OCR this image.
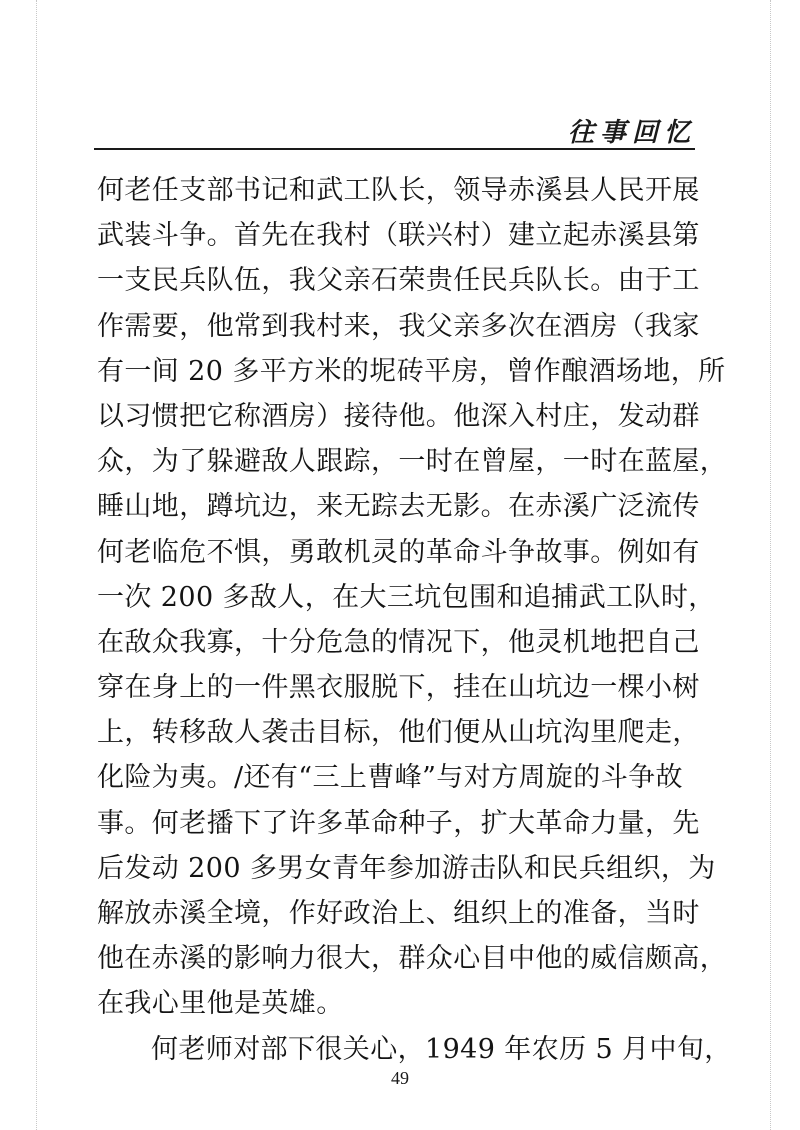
往事回忆
何老任支部书记和武工队长，领导赤溪县人民开展
武装斗争。首先在我村（联兴村）建立起赤溪县第
一支民兵队伍，我父亲石荣贵任民兵队长。由于工
作需要，他常到我村来，我父亲多次在酒房（我家
有一间 20 多平方米的坭砖平房，曾作酿酒场地，所
以习惯把它称酒房）接待他。他深入村庄，发动群
众，为了躲避敌人跟踪，一时在曾屋，一时在蓝屋，
睡山地，蹲坑边，来无踪去无影。在赤溪广泛流传
何老临危不惧，勇敢机灵的革命斗争故事。例如有
一次 200 多敌人，在大三坑包围和追捕武工队时，
在敌众我寡，十分危急的情况下，他灵机地把自己
穿在身上的一件黑衣服脱下，挂在山坑边一棵小树
上，转移敌人袭击目标，他们便从山坑沟里爬走，
化险为夷。/还有“三上曹峰”与对方周旋的斗争故
事。何老播下了许多革命种子，扩大革命力量，先
后发动 200 多男女青年参加游击队和民兵组织，为
解放赤溪全境，作好政治上、组织上的准备，当时
他在赤溪的影响力很大，群众心目中他的威信颇高，
在我心里他是英雄。
何老师对部下很关心，1949 年农历 5 月中旬，
49
